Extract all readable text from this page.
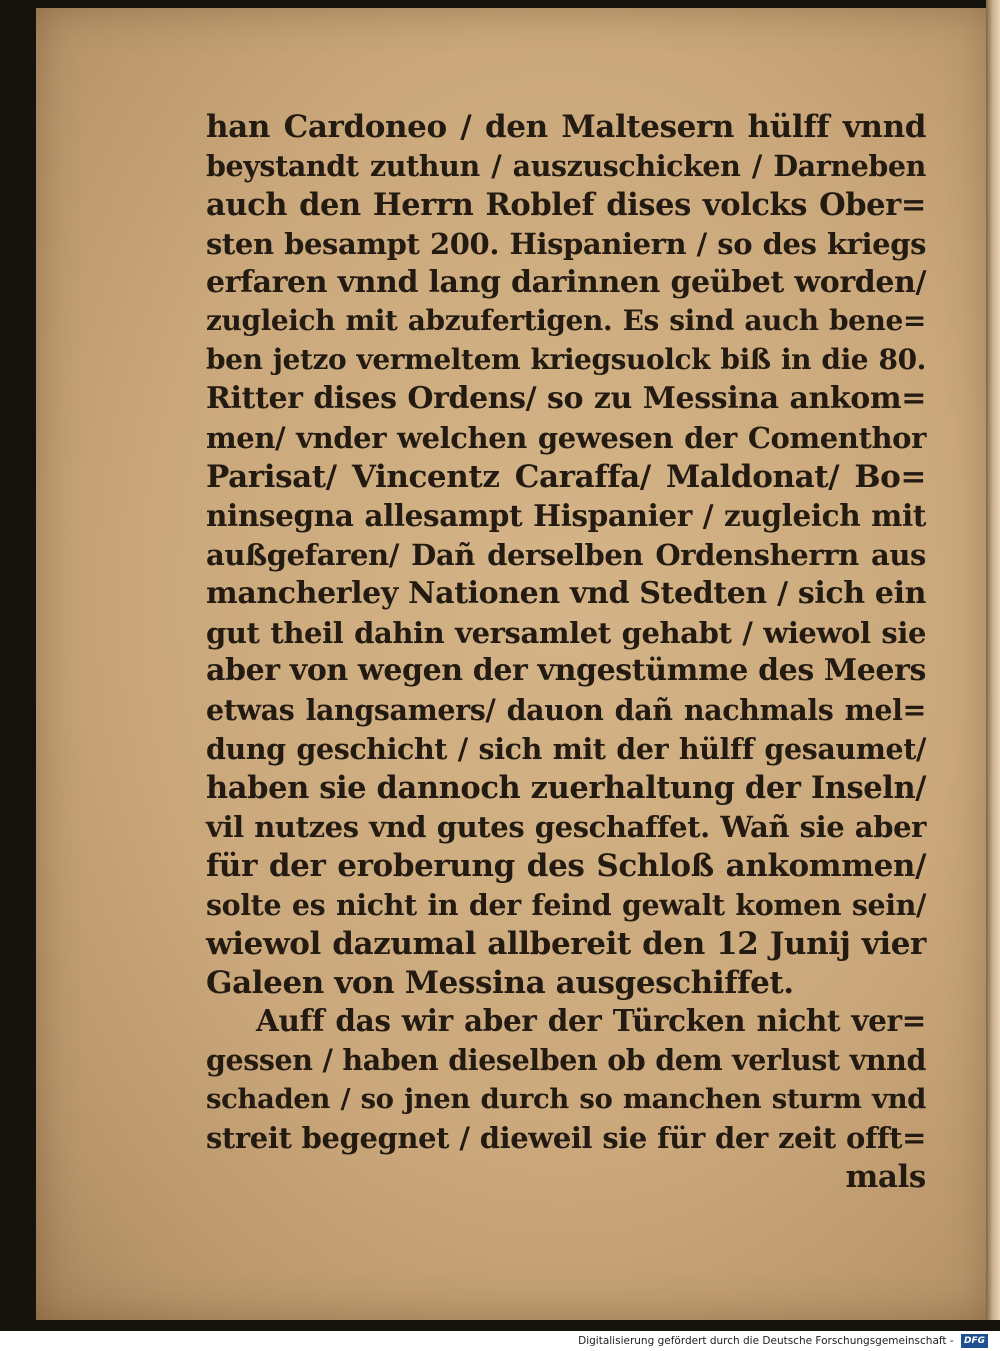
han Cardoneo / den Maltesern hülff vnnd
beystandt zuthun / auszuschicken / Darneben
auch den Herrn Roblef dises volcks Ober=
sten besampt 200. Hispaniern / so des kriegs
erfaren vnnd lang darinnen geübet worden/
zugleich mit abzufertigen. Es sind auch bene=
ben jetzo vermeltem kriegsuolck biß in die 80.
Ritter dises Ordens/ so zu Messina ankom=
men/ vnder welchen gewesen der Comenthor
Parisat/ Vincentz Caraffa/ Maldonat/ Bo=
ninsegna allesampt Hispanier / zugleich mit
außgefaren/ Dañ derselben Ordensherrn aus
mancherley Nationen vnd Stedten / sich ein
gut theil dahin versamlet gehabt / wiewol sie
aber von wegen der vngestümme des Meers
etwas langsamers/ dauon dañ nachmals mel=
dung geschicht / sich mit der hülff gesaumet/
haben sie dannoch zuerhaltung der Inseln/
vil nutzes vnd gutes geschaffet. Wañ sie aber
für der eroberung des Schloß ankommen/
solte es nicht in der feind gewalt komen sein/
wiewol dazumal allbereit den 12 Junij vier
Galeen von Messina ausgeschiffet.
Auff das wir aber der Türcken nicht ver=
gessen / haben dieselben ob dem verlust vnnd
schaden / so jnen durch so manchen sturm vnd
streit begegnet / dieweil sie für der zeit offt=
mals
Digitalisierung gefördert durch die Deutsche Forschungsgemeinschaft - DFG
